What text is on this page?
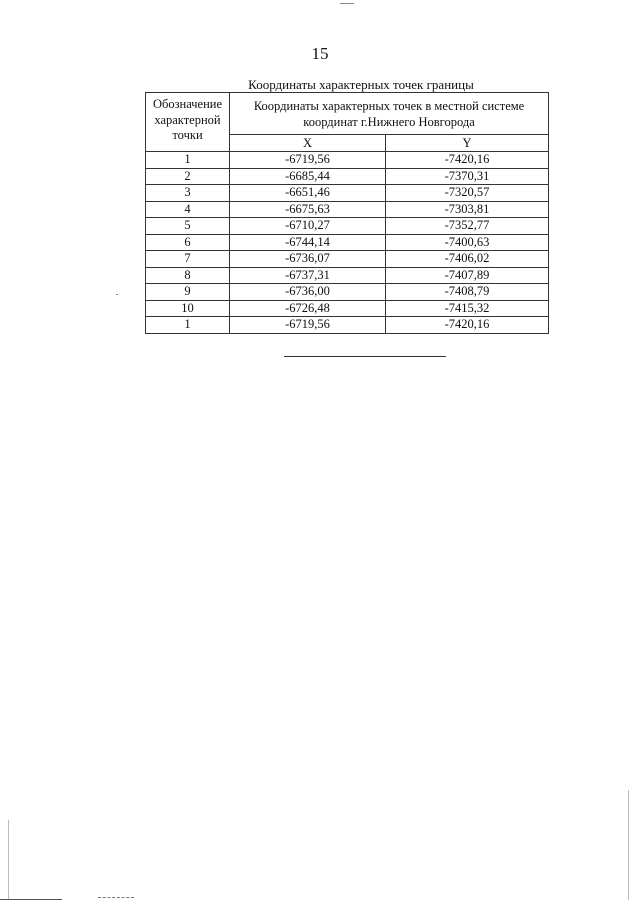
15
Координаты характерных точек границы
Обозначение
характерной
точки	Координаты характерных точек в местной системе
координат г.Нижнего Новгорода	
	X	Y
1	-6719,56	-7420,16
2	-6685,44	-7370,31
3	-6651,46	-7320,57
4	-6675,63	-7303,81
5	-6710,27	-7352,77
6	-6744,14	-7400,63
7	-6736,07	-7406,02
8	-6737,31	-7407,89
9	-6736,00	-7408,79
10	-6726,48	-7415,32
1	-6719,56	-7420,16
